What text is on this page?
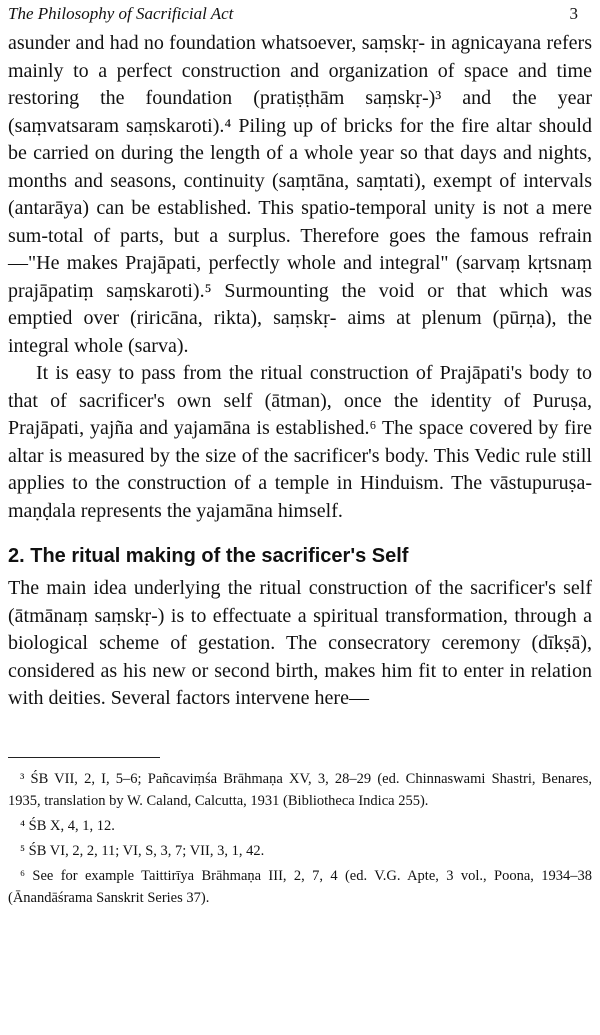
The Philosophy of Sacrificial Act	3

asunder and had no foundation whatsoever, saṃskṛ- in agnicayana refers mainly to a perfect construction and organization of space and time restoring the foundation (pratiṣṭhām saṃskṛ-)³ and the year (saṃvatsaram saṃskaroti).⁴ Piling up of bricks for the fire altar should be carried on during the length of a whole year so that days and nights, months and seasons, continuity (saṃtāna, saṃtati), exempt of intervals (antarāya) can be established. This spatio-temporal unity is not a mere sum-total of parts, but a surplus. Therefore goes the famous refrain—"He makes Prajāpati, perfectly whole and integral" (sarvaṃ kṛtsnaṃ prajāpatiṃ saṃskaroti).⁵ Surmounting the void or that which was emptied over (riricāna, rikta), saṃskṛ- aims at plenum (pūrṇa), the integral whole (sarva).

It is easy to pass from the ritual construction of Prajāpati's body to that of sacrificer's own self (ātman), once the identity of Puruṣa, Prajāpati, yajña and yajamāna is established.⁶ The space covered by fire altar is measured by the size of the sacrificer's body. This Vedic rule still applies to the construction of a temple in Hinduism. The vāstupuruṣa-maṇḍala represents the yajamāna himself.

2. The ritual making of the sacrificer's Self

The main idea underlying the ritual construction of the sacrificer's self (ātmānaṃ saṃskṛ-) is to effectuate a spiritual transformation, through a biological scheme of gestation. The consecratory ceremony (dīkṣā), considered as his new or second birth, makes him fit to enter in relation with deities. Several factors intervene here—

³ ŚB VII, 2, I, 5–6; Pañcaviṃśa Brāhmaṇa XV, 3, 28–29 (ed. Chinnaswami Shastri, Benares, 1935, translation by W. Caland, Calcutta, 1931 (Bibliotheca Indica 255).

⁴ ŚB X, 4, 1, 12.

⁵ ŚB VI, 2, 2, 11; VI, S, 3, 7; VII, 3, 1, 42.

⁶ See for example Taittirīya Brāhmaṇa III, 2, 7, 4 (ed. V.G. Apte, 3 vol., Poona, 1934–38 (Ānandāśrama Sanskrit Series 37).
